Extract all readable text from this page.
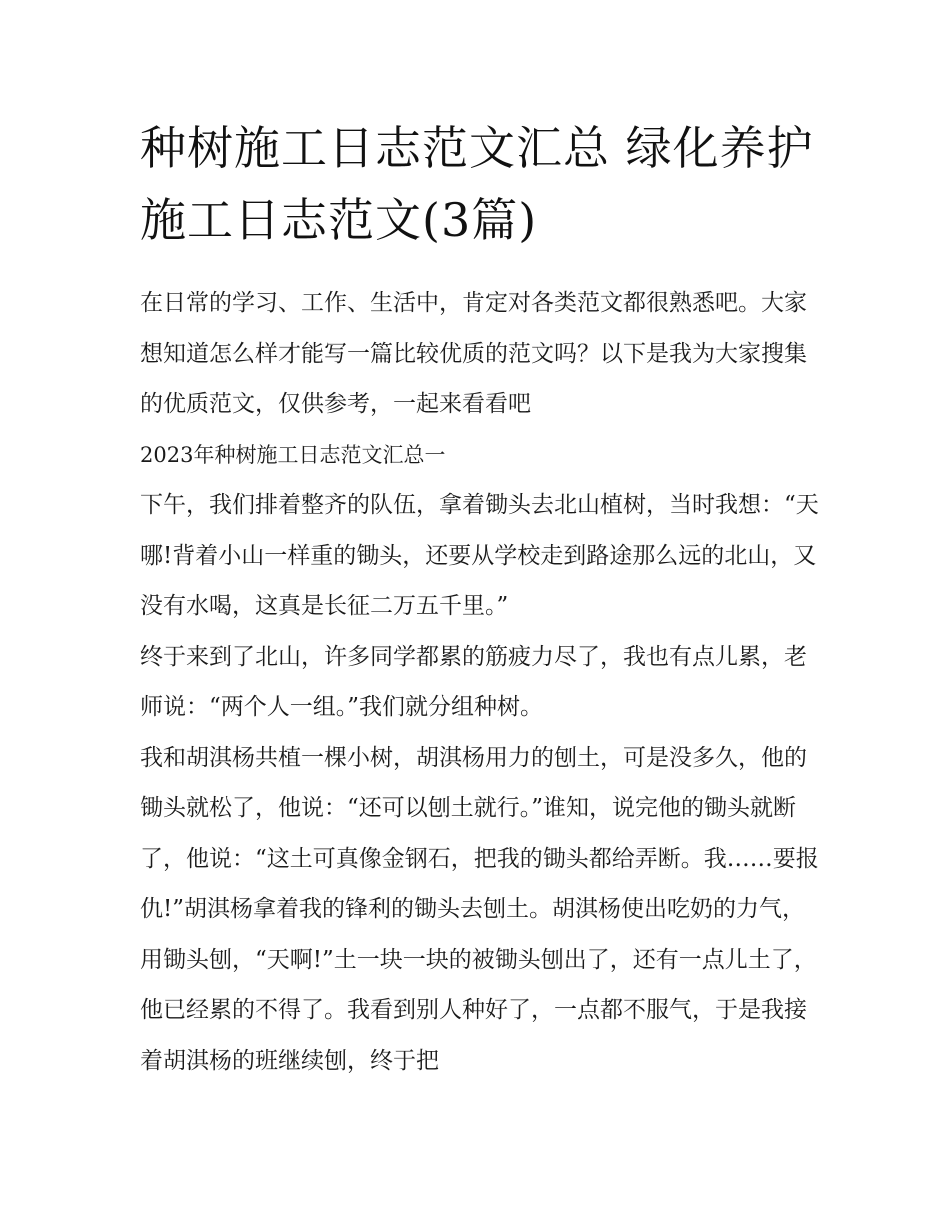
种树施工日志范文汇总 绿化养护施工日志范文(3篇)

在日常的学习、工作、生活中，肯定对各类范文都很熟悉吧。大家想知道怎么样才能写一篇比较优质的范文吗？以下是我为大家搜集的优质范文，仅供参考，一起来看看吧

2023年种树施工日志范文汇总一

下午，我们排着整齐的队伍，拿着锄头去北山植树，当时我想：“天哪!背着小山一样重的锄头，还要从学校走到路途那么远的北山，又没有水喝，这真是长征二万五千里。”

终于来到了北山，许多同学都累的筋疲力尽了，我也有点儿累，老师说：“两个人一组。”我们就分组种树。

我和胡淇杨共植一棵小树，胡淇杨用力的刨土，可是没多久，他的锄头就松了，他说：“还可以刨土就行。”谁知，说完他的锄头就断了，他说：“这土可真像金钢石，把我的锄头都给弄断。我……要报仇!”胡淇杨拿着我的锋利的锄头去刨土。胡淇杨使出吃奶的力气，用锄头刨，“天啊!”土一块一块的被锄头刨出了，还有一点儿土了，他已经累的不得了。我看到别人种好了，一点都不服气，于是我接着胡淇杨的班继续刨，终于把
